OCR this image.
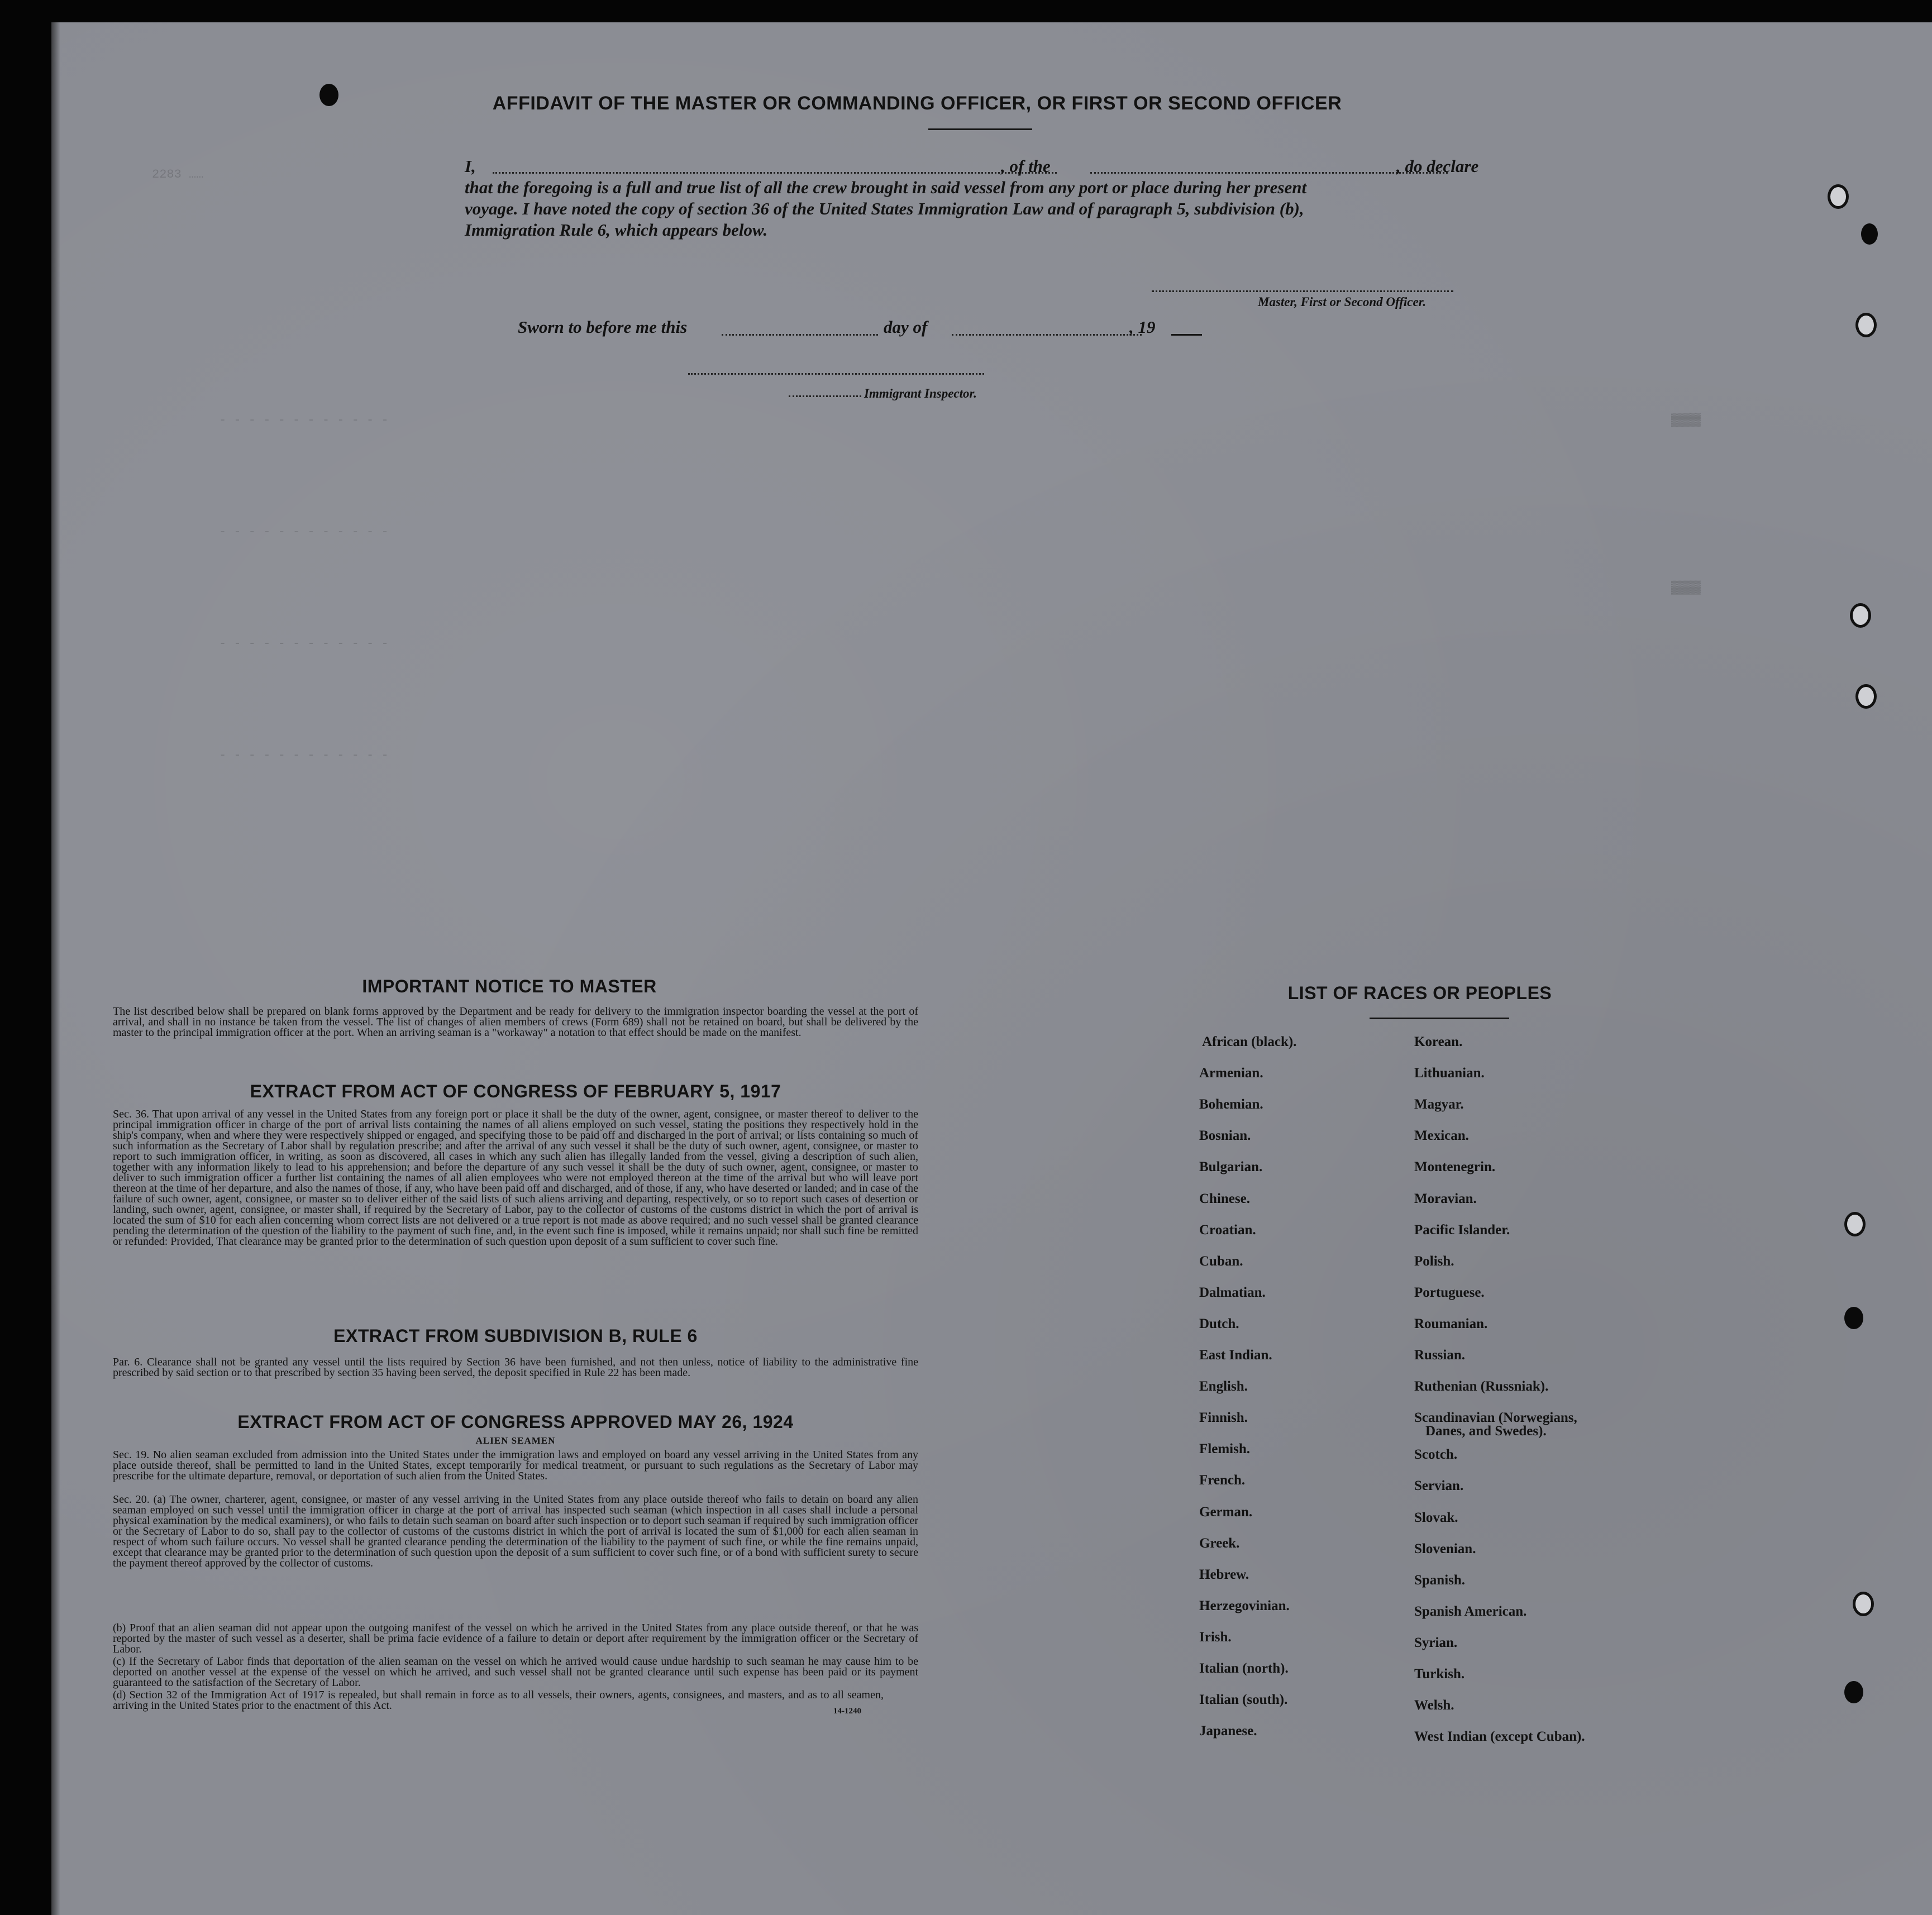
2283 ……
- - - - - - - - - - - -
- - - - - - - - - - - -
- - - - - - - - - - - -
- - - - - - - - - - - -
▓▓▓▓
▓▓▓▓
AFFIDAVIT OF THE MASTER OR COMMANDING OFFICER, OR FIRST OR SECOND OFFICER
I,	, of the	, do declare
that the foregoing is a full and true list of all the crew brought in said vessel from any port or place during her present
voyage. I have noted the copy of section 36 of the United States Immigration Law and of paragraph 5, subdivision (b),
Immigration Rule 6, which appears below.
Master, First or Second Officer.
Sworn to before me this	day of	, 19
Immigrant Inspector.
IMPORTANT NOTICE TO MASTER
The list described below shall be prepared on blank forms approved by the Department and be ready for delivery to the immigration inspector boarding the vessel at the port of arrival, and shall in no instance be taken from the vessel. The list of changes of alien members of crews (Form 689) shall not be retained on board, but shall be delivered by the master to the principal immigration officer at the port. When an arriving seaman is a "workaway" a notation to that effect should be made on the manifest.
EXTRACT FROM ACT OF CONGRESS OF FEBRUARY 5, 1917
Sec. 36. That upon arrival of any vessel in the United States from any foreign port or place it shall be the duty of the owner, agent, consignee, or master thereof to deliver to the principal immigration officer in charge of the port of arrival lists containing the names of all aliens employed on such vessel, stating the positions they respectively hold in the ship's company, when and where they were respectively shipped or engaged, and specifying those to be paid off and discharged in the port of arrival; or lists containing so much of such information as the Secretary of Labor shall by regulation prescribe; and after the arrival of any such vessel it shall be the duty of such owner, agent, consignee, or master to report to such immigration officer, in writing, as soon as discovered, all cases in which any such alien has illegally landed from the vessel, giving a description of such alien, together with any information likely to lead to his apprehension; and before the departure of any such vessel it shall be the duty of such owner, agent, consignee, or master to deliver to such immigration officer a further list containing the names of all alien employees who were not employed thereon at the time of the arrival but who will leave port thereon at the time of her departure, and also the names of those, if any, who have been paid off and discharged, and of those, if any, who have deserted or landed; and in case of the failure of such owner, agent, consignee, or master so to deliver either of the said lists of such aliens arriving and departing, respectively, or so to report such cases of desertion or landing, such owner, agent, consignee, or master shall, if required by the Secretary of Labor, pay to the collector of customs of the customs district in which the port of arrival is located the sum of $10 for each alien concerning whom correct lists are not delivered or a true report is not made as above required; and no such vessel shall be granted clearance pending the determination of the question of the liability to the payment of such fine, and, in the event such fine is imposed, while it remains unpaid; nor shall such fine be remitted or refunded: Provided, That clearance may be granted prior to the determination of such question upon deposit of a sum sufficient to cover such fine.
EXTRACT FROM SUBDIVISION B, RULE 6
Par. 6. Clearance shall not be granted any vessel until the lists required by Section 36 have been furnished, and not then unless, notice of liability to the administrative fine prescribed by said section or to that prescribed by section 35 having been served, the deposit specified in Rule 22 has been made.
EXTRACT FROM ACT OF CONGRESS APPROVED MAY 26, 1924
ALIEN SEAMEN
Sec. 19. No alien seaman excluded from admission into the United States under the immigration laws and employed on board any vessel arriving in the United States from any place outside thereof, shall be permitted to land in the United States, except temporarily for medical treatment, or pursuant to such regulations as the Secretary of Labor may prescribe for the ultimate departure, removal, or deportation of such alien from the United States.
Sec. 20. (a) The owner, charterer, agent, consignee, or master of any vessel arriving in the United States from any place outside thereof who fails to detain on board any alien seaman employed on such vessel until the immigration officer in charge at the port of arrival has inspected such seaman (which inspection in all cases shall include a personal physical examination by the medical examiners), or who fails to detain such seaman on board after such inspection or to deport such seaman if required by such immigration officer or the Secretary of Labor to do so, shall pay to the collector of customs of the customs district in which the port of arrival is located the sum of $1,000 for each alien seaman in respect of whom such failure occurs. No vessel shall be granted clearance pending the determination of the liability to the payment of such fine, or while the fine remains unpaid, except that clearance may be granted prior to the determination of such question upon the deposit of a sum sufficient to cover such fine, or of a bond with sufficient surety to secure the payment thereof approved by the collector of customs.
(b) Proof that an alien seaman did not appear upon the outgoing manifest of the vessel on which he arrived in the United States from any place outside thereof, or that he was reported by the master of such vessel as a deserter, shall be prima facie evidence of a failure to detain or deport after requirement by the immigration officer or the Secretary of Labor.
(c) If the Secretary of Labor finds that deportation of the alien seaman on the vessel on which he arrived would cause undue hardship to such seaman he may cause him to be deported on another vessel at the expense of the vessel on which he arrived, and such vessel shall not be granted clearance until such expense has been paid or its payment guaranteed to the satisfaction of the Secretary of Labor.
(d) Section 32 of the Immigration Act of 1917 is repealed, but shall remain in force as to all vessels, their owners, agents, consignees, and masters, and as to all seamen, arriving in the United States prior to the enactment of this Act.	14-1240
LIST OF RACES OR PEOPLES
African (black).
Armenian.
Bohemian.
Bosnian.
Bulgarian.
Chinese.
Croatian.
Cuban.
Dalmatian.
Dutch.
East Indian.
English.
Finnish.
Flemish.
French.
German.
Greek.
Hebrew.
Herzegovinian.
Irish.
Italian (north).
Italian (south).
Japanese.
Korean.
Lithuanian.
Magyar.
Mexican.
Montenegrin.
Moravian.
Pacific Islander.
Polish.
Portuguese.
Roumanian.
Russian.
Ruthenian (Russniak).
Scandinavian (Norwegians,
Danes, and Swedes).
Scotch.
Servian.
Slovak.
Slovenian.
Spanish.
Spanish American.
Syrian.
Turkish.
Welsh.
West Indian (except Cuban).
